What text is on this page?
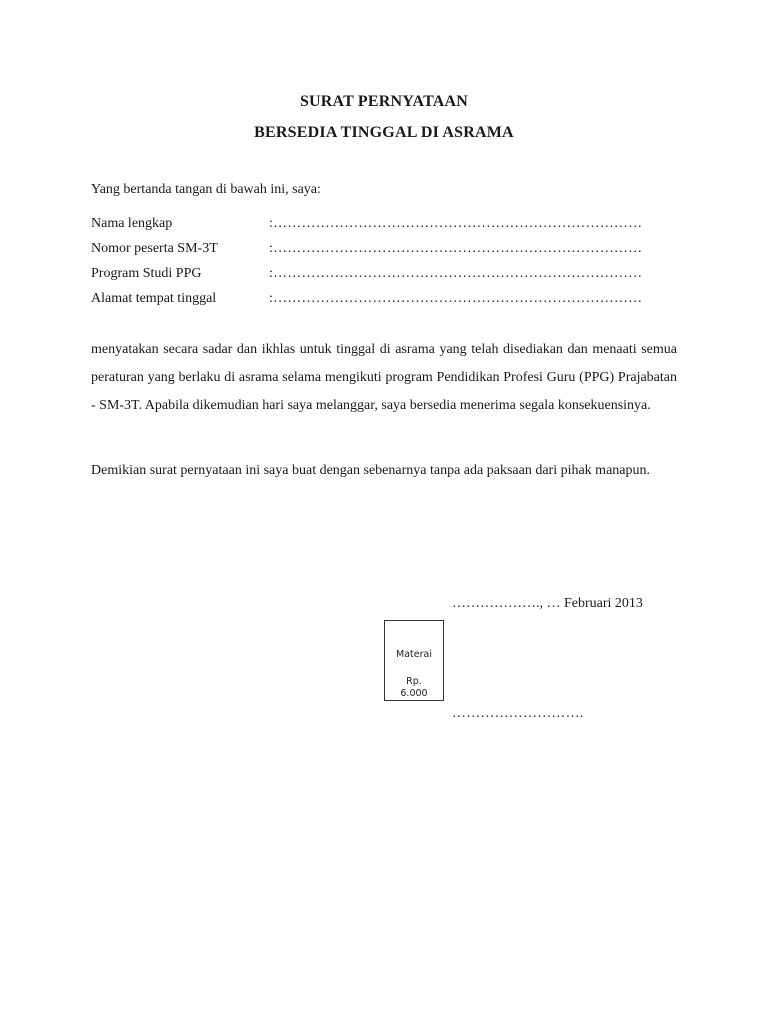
SURAT PERNYATAAN
BERSEDIA TINGGAL DI ASRAMA
Yang bertanda tangan di bawah ini, saya:
Nama lengkap	:……………………………………………………………………
Nomor peserta SM-3T	:……………………………………………………………………
Program Studi PPG	:……………………………………………………………………
Alamat tempat tinggal	:……………………………………………………………………

menyatakan secara sadar dan ikhlas untuk tinggal di asrama yang telah disediakan dan menaati semua peraturan yang berlaku di asrama selama mengikuti program Pendidikan Profesi Guru (PPG) Prajabatan - SM-3T. Apabila dikemudian hari saya melanggar, saya bersedia menerima segala konsekuensinya.

Demikian surat pernyataan ini saya buat dengan sebenarnya tanpa ada paksaan dari pihak manapun.

………………., … Februari 2013
Materai
Rp.
6.000
……………………….
